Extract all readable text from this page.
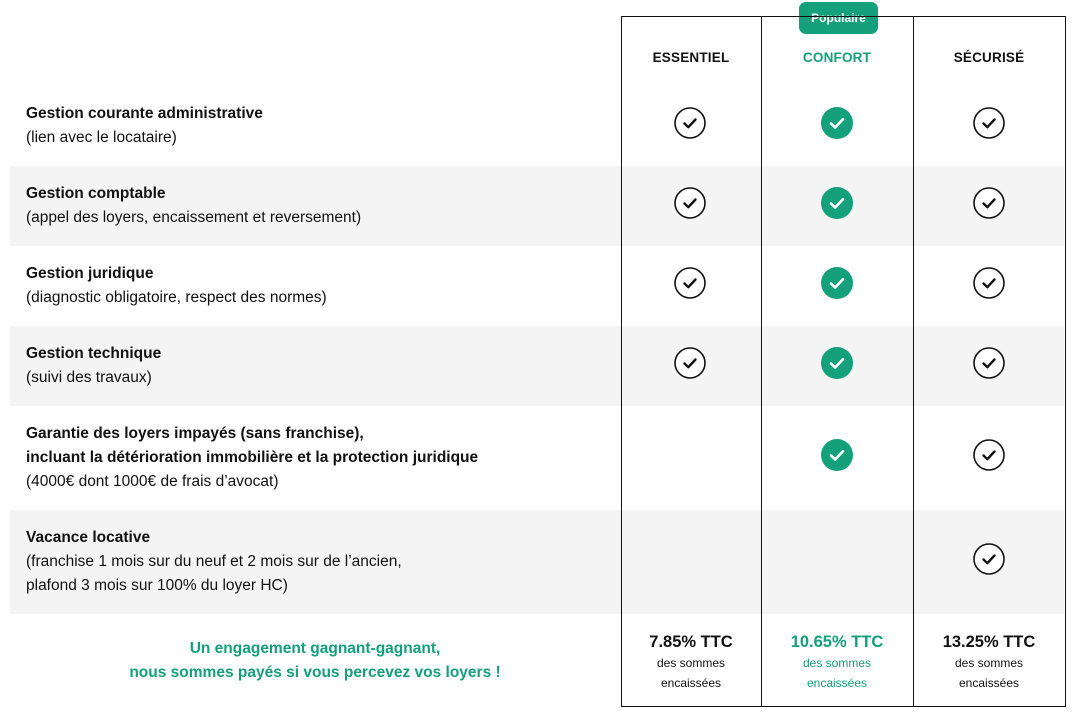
ESSENTIEL	CONFORT	SÉCURISÉ
Populaire
Gestion courante administrative
(lien avec le locataire)
Gestion comptable
(appel des loyers, encaissement et reversement)
Gestion juridique
(diagnostic obligatoire, respect des normes)
Gestion technique
(suivi des travaux)
Garantie des loyers impayés (sans franchise),
incluant la détérioration immobilière et la protection juridique
(4000€ dont 1000€ de frais d’avocat)
Vacance locative
(franchise 1 mois sur du neuf et 2 mois sur de l’ancien,
plafond 3 mois sur 100% du loyer HC)
Un engagement gagnant-gagnant,
nous sommes payés si vous percevez vos loyers !
7.85% TTC
des sommes
encaissées
10.65% TTC
des sommes
encaissées
13.25% TTC
des sommes
encaissées
